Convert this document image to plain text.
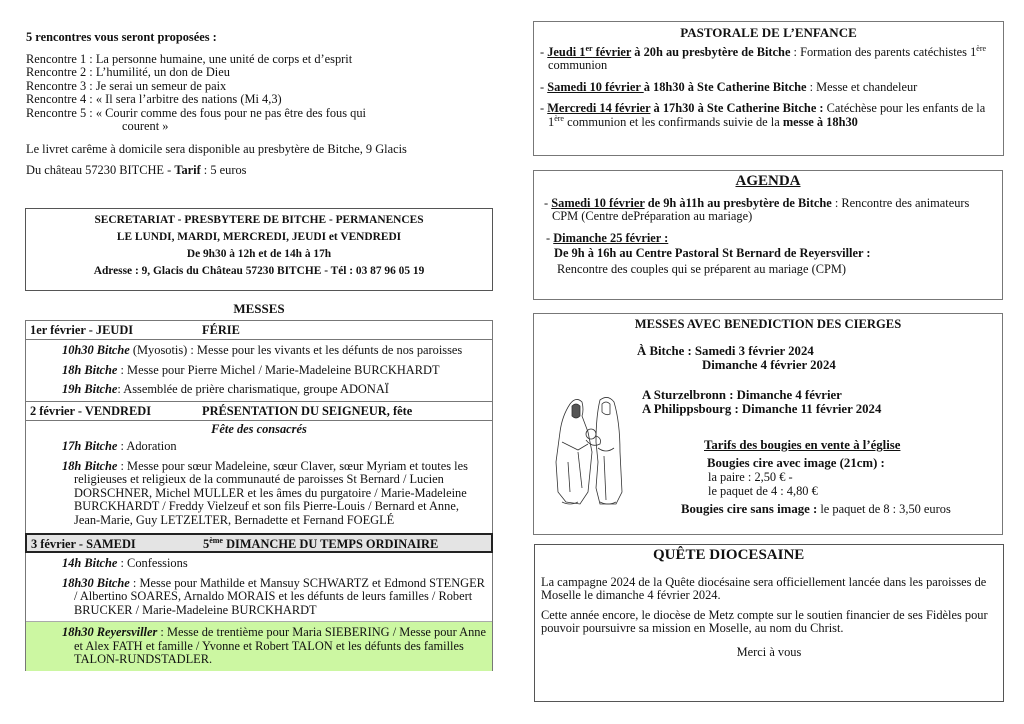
5 rencontres vous seront proposées :
Rencontre 1 : La personne humaine, une unité de corps et d’esprit
Rencontre 2 : L’humilité, un don de Dieu
Rencontre 3 : Je serai un semeur de paix
Rencontre 4 : « Il sera l’arbitre des nations (Mi 4,3)
Rencontre 5 : « Courir comme des fous pour ne pas être des fous qui
courent »
Le livret carême à domicile sera disponible au presbytère de Bitche, 9 Glacis
Du château 57230 BITCHE - Tarif : 5 euros
SECRETARIAT - PRESBYTERE DE BITCHE - PERMANENCES
LE LUNDI, MARDI, MERCREDI, JEUDI et VENDREDI
De 9h30 à 12h et de 14h à 17h
Adresse : 9, Glacis du Château 57230 BITCHE - Tél : 03 87 96 05 19
MESSES
1er février - JEUDI	FÉRIE
10h30 Bitche (Myosotis) : Messe pour les vivants et les défunts de nos paroisses
18h Bitche : Messe pour Pierre Michel / Marie-Madeleine BURCKHARDT
19h Bitche: Assemblée de prière charismatique, groupe ADONAÏ
2 février - VENDREDI	PRÉSENTATION DU SEIGNEUR, fête
Fête des consacrés
17h Bitche : Adoration
18h Bitche : Messe pour sœur Madeleine, sœur Claver, sœur Myriam et toutes les religieuses et religieux de la communauté de paroisses St Bernard / Lucien DORSCHNER, Michel MULLER et les âmes du purgatoire / Marie-Madeleine BURCKHARDT / Freddy Vielzeuf et son fils Pierre-Louis / Bernard et Anne, Jean-Marie, Guy LETZELTER, Bernadette et Fernand FOEGLÉ
3 février - SAMEDI	5ème DIMANCHE DU TEMPS ORDINAIRE
14h Bitche : Confessions
18h30 Bitche : Messe pour Mathilde et Mansuy SCHWARTZ et Edmond STENGER / Albertino SOARES, Arnaldo MORAIS et les défunts de leurs familles / Robert BRUCKER / Marie-Madeleine BURCKHARDT
18h30 Reyersviller : Messe de trentième pour Maria SIEBERING / Messe pour Anne et Alex FATH et famille / Yvonne et Robert TALON et les défunts des familles TALON-RUNDSTADLER.
PASTORALE DE L’ENFANCE
- Jeudi 1er février à 20h au presbytère de Bitche : Formation des parents catéchistes 1ère communion
- Samedi 10 février à 18h30 à Ste Catherine Bitche : Messe et chandeleur
- Mercredi 14 février à 17h30 à Ste Catherine Bitche : Catéchèse pour les enfants de la 1ère communion et les confirmands suivie de la messe à 18h30
AGENDA
- Samedi 10 février de 9h à11h au presbytère de Bitche : Rencontre des animateurs CPM (Centre dePréparation au mariage)
- Dimanche 25 février :
De 9h à 16h au Centre Pastoral St Bernard de Reyersviller :
Rencontre des couples qui se préparent au mariage (CPM)
MESSES AVEC BENEDICTION DES CIERGES
À Bitche : Samedi 3 février 2024
Dimanche 4 février 2024
A Sturzelbronn : Dimanche 4 février
A Philippsbourg : Dimanche 11 février 2024
Tarifs des bougies en vente à l’église
Bougies cire avec image (21cm) :
la paire : 2,50 € -
le paquet de 4 : 4,80 €
Bougies cire sans image : le paquet de 8 : 3,50 euros
QUÊTE DIOCESAINE

La campagne 2024 de la Quête diocésaine sera officiellement lancée dans les paroisses de Moselle le dimanche 4 février 2024.

Cette année encore, le diocèse de Metz compte sur le soutien financier de ses Fidèles pour pouvoir poursuivre sa mission en Moselle, au nom du Christ.

Merci à vous
